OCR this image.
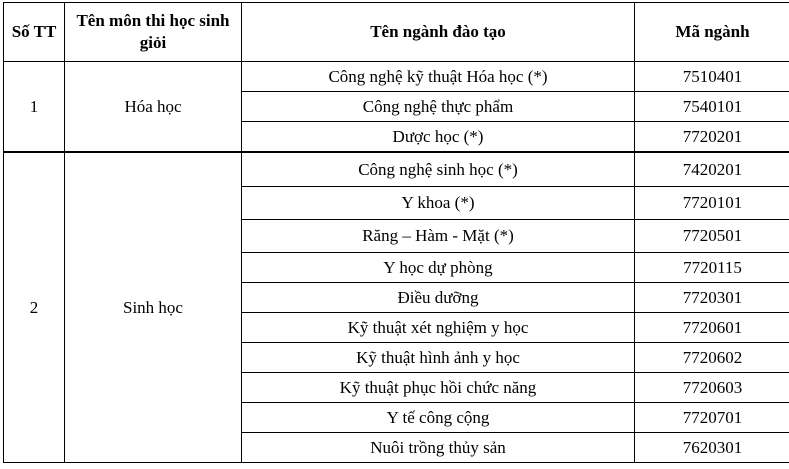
Số TT	Tên môn thi học sinh giỏi	Tên ngành đào tạo	Mã ngành
1	Hóa học	Công nghệ kỹ thuật Hóa học (*)	7510401
		Công nghệ thực phẩm	7540101
		Dược học (*)	7720201
2	Sinh học	Công nghệ sinh học (*)	7420201
		Y khoa (*)	7720101
		Răng – Hàm - Mặt (*)	7720501
		Y học dự phòng	7720115
		Điều dưỡng	7720301
		Kỹ thuật xét nghiệm y học	7720601
		Kỹ thuật hình ảnh y học	7720602
		Kỹ thuật phục hồi chức năng	7720603
		Y tế công cộng	7720701
		Nuôi trồng thủy sản	7620301
